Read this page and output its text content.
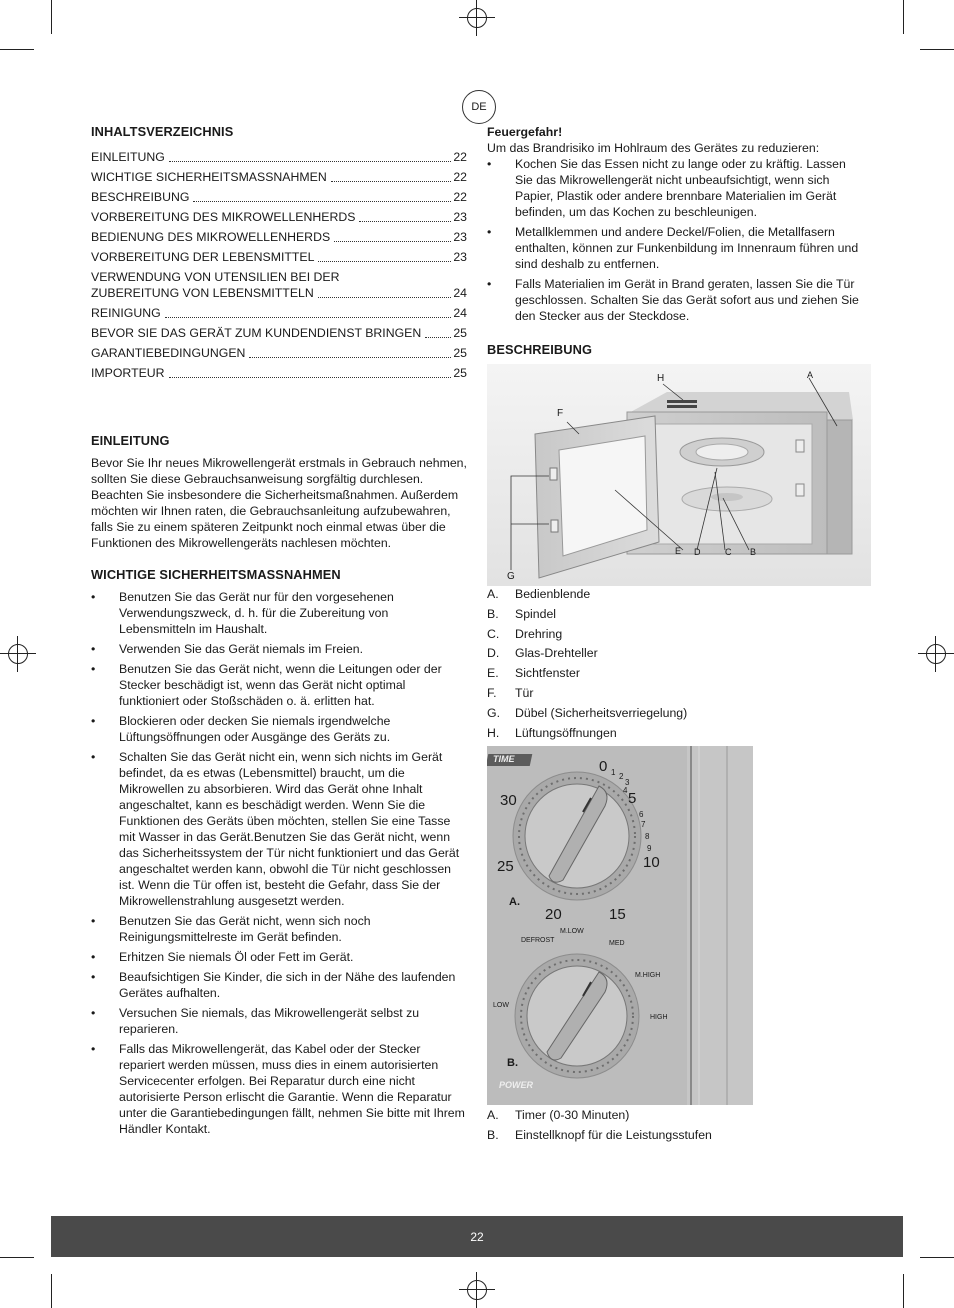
DE
INHALTSVERZEICHNIS
EINLEITUNG	22
WICHTIGE SICHERHEITSMASSNAHMEN	22
BESCHREIBUNG	22
VORBEREITUNG DES MIKROWELLENHERDS	23
BEDIENUNG DES MIKROWELLENHERDS	23
VORBEREITUNG DER LEBENSMITTEL	23
VERWENDUNG VON UTENSILIEN BEI DER
ZUBEREITUNG VON LEBENSMITTELN	24
REINIGUNG	24
BEVOR SIE DAS GERÄT ZUM KUNDENDIENST BRINGEN	25
GARANTIEBEDINGUNGEN	25
IMPORTEUR	25
EINLEITUNG

Bevor Sie Ihr neues Mikrowellengerät erstmals in Gebrauch nehmen, sollten Sie diese Gebrauchsanweisung sorgfältig durchlesen. Beachten Sie insbesondere die Sicherheitsmaßnahmen. Außerdem möchten wir Ihnen raten, die Gebrauchsanleitung aufzubewahren, falls Sie zu einem späteren Zeitpunkt noch einmal etwas über die Funktionen des Mikrowellengeräts nachlesen möchten.

WICHTIGE SICHERHEITSMASSNAHMEN
• Benutzen Sie das Gerät nur für den vorgesehenen Verwendungszweck, d. h. für die Zubereitung von Lebensmitteln im Haushalt.
• Verwenden Sie das Gerät niemals im Freien.
• Benutzen Sie das Gerät nicht, wenn die Leitungen oder der Stecker beschädigt ist, wenn das Gerät nicht optimal funktioniert oder Stoßschäden o. ä. erlitten hat.
• Blockieren oder decken Sie niemals irgendwelche Lüftungsöffnungen oder Ausgänge des Geräts zu.
• Schalten Sie das Gerät nicht ein, wenn sich nichts im Gerät befindet, da es etwas (Lebensmittel) braucht, um die Mikrowellen zu absorbieren. Wird das Gerät ohne Inhalt angeschaltet, kann es beschädigt werden. Wenn Sie die Funktionen des Geräts üben möchten, stellen Sie eine Tasse mit Wasser in das Gerät.Benutzen Sie das Gerät nicht, wenn das Sicherheitssystem der Tür nicht funktioniert und das Gerät angeschaltet werden kann, obwohl die Tür nicht geschlossen ist. Wenn die Tür offen ist, besteht die Gefahr, dass Sie der Mikrowellenstrahlung ausgesetzt werden.
• Benutzen Sie das Gerät nicht, wenn sich noch Reinigungsmittelreste im Gerät befinden.
• Erhitzen Sie niemals Öl oder Fett im Gerät.
• Beaufsichtigen Sie Kinder, die sich in der Nähe des laufenden Gerätes aufhalten.
• Versuchen Sie niemals, das Mikrowellengerät selbst zu reparieren.
• Falls das Mikrowellengerät, das Kabel oder der Stecker repariert werden müssen, muss dies in einem autorisierten Servicecenter erfolgen. Bei Reparatur durch eine nicht autorisierte Person erlischt die Garantie. Wenn die Reparatur unter die Garantiebedingungen fällt, nehmen Sie bitte mit Ihrem Händler Kontakt.
Feuergefahr!

Um das Brandrisiko im Hohlraum des Gerätes zu reduzieren:

• Kochen Sie das Essen nicht zu lange oder zu kräftig. Lassen Sie das Mikrowellengerät nicht unbeaufsichtigt, wenn sich Papier, Plastik oder andere brennbare Materialien im Gerät befinden, um das Kochen zu beschleunigen.
• Metallklemmen und andere Deckel/Folien, die Metallfasern enthalten, können zur Funkenbildung im Innenraum führen und sind deshalb zu entfernen.
• Falls Materialien im Gerät in Brand geraten, lassen Sie die Tür geschlossen. Schalten Sie das Gerät sofort aus und ziehen Sie den Stecker aus der Steckdose.
BESCHREIBUNG
H	A
F
G
E D	C B
A.	Bedienblende
B.	Spindel
C.	Drehring
D.	Glas-Drehteller
E.	Sichtfenster
F.	Tür
G.	Dübel (Sicherheitsverriegelung)
H.	Lüftungsöffnungen
TIME
POWER
A.
B.
0
5
10
15
20
25
30
1 2
3
4
6
7
8
9
M.LOW
MED
M.HIGH
HIGH
LOW
DEFROST
A.	Timer (0-30 Minuten)
B.	Einstellknopf für die Leistungsstufen
22
